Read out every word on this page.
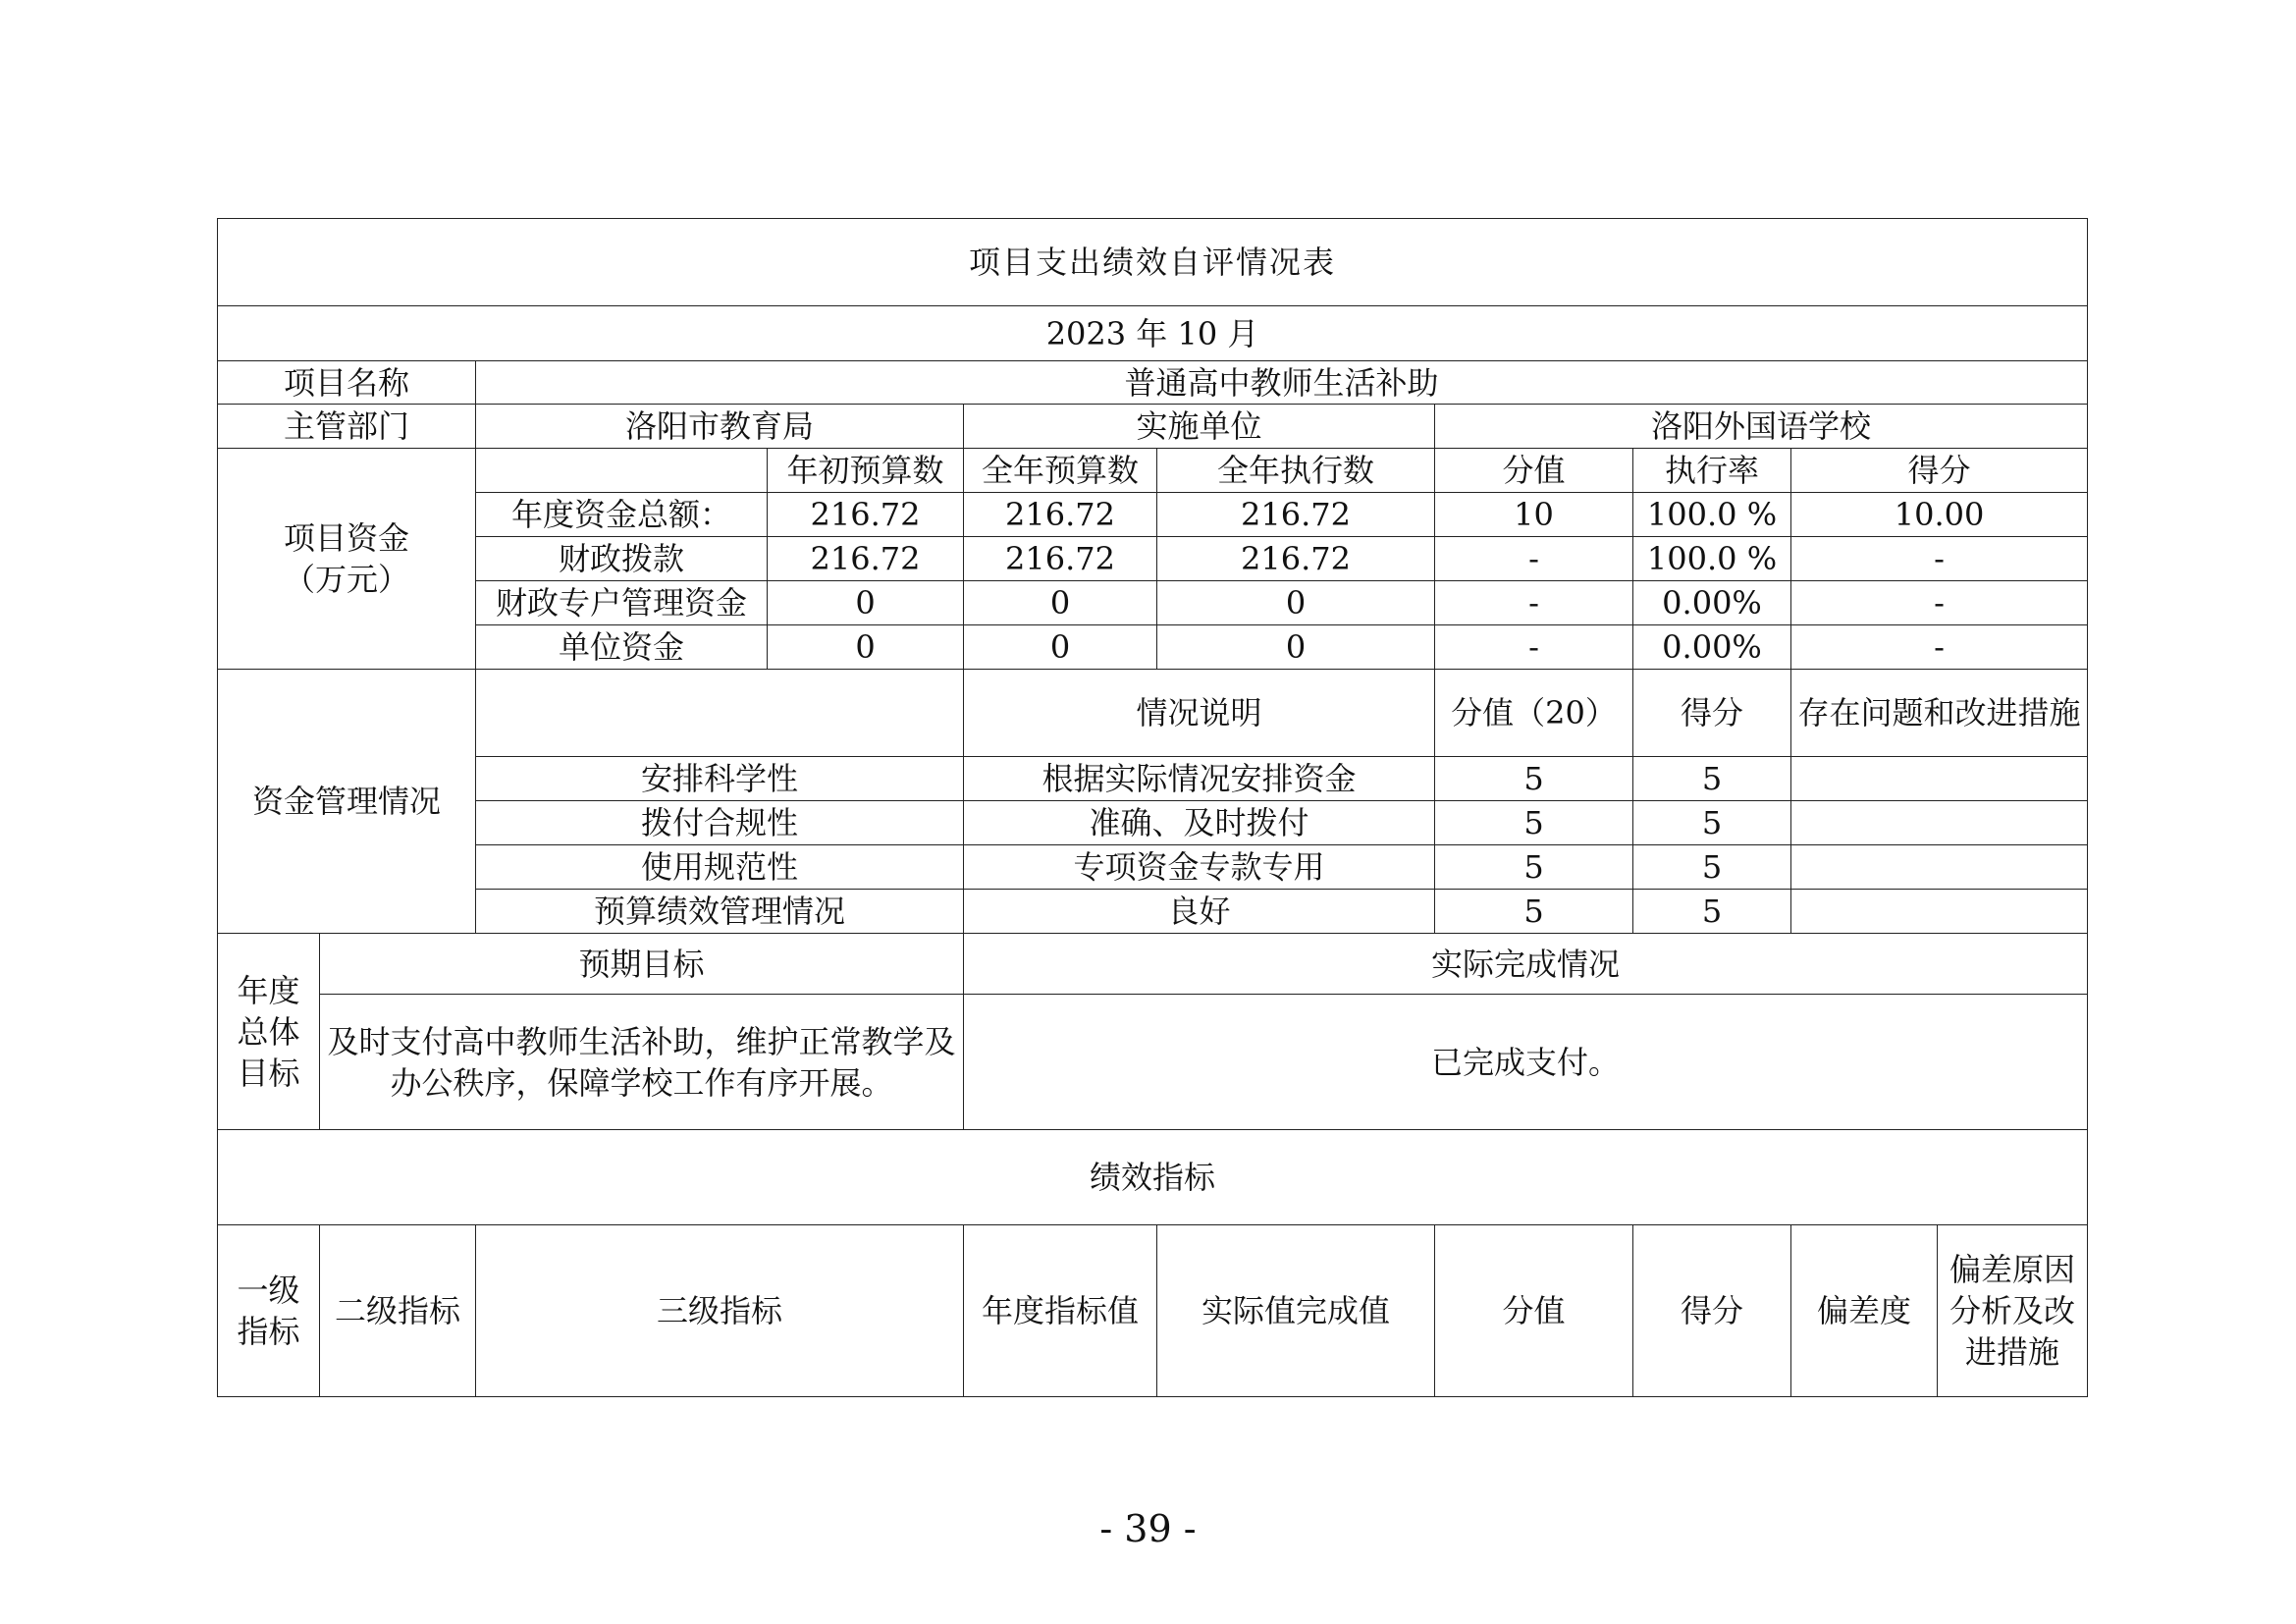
项目支出绩效自评情况表									
2023 年 10 月									
项目名称		普通高中教师生活补助							
主管部门		洛阳市教育局		实施单位		洛阳外国语学校			

项目资金
（万元）			年初预算数	全年预算数	全年执行数	分值	执行率	得分	
		年度资金总额：	216.72	216.72	216.72	10	100.0 %	10.00	
		财政拨款	216.72	216.72	216.72	-	100.0 %	-	
		财政专户管理资金	0	0	0	-	0.00%	-	
		单位资金	0	0	0	-	0.00%	-	
资金管理情况				情况说明		分值（20）	得分	存在问题和改进措施	
		安排科学性		根据实际情况安排资金		5	5		
		拨付合规性		准确、及时拨付		5	5		
		使用规范性		专项资金专款专用		5	5		
		预算绩效管理情况		良好		5	5		
年度总体目标	预期目标			实际完成情况					
	及时支付高中教师生活补助，维护正常教学及办公秩序，保障学校工作有序开展。			已完成支付。					
绩效指标									
一级指标	二级指标	三级指标		年度指标值	实际值完成值	分值	得分	偏差度	偏差原因分析及改进措施
- 39 -
